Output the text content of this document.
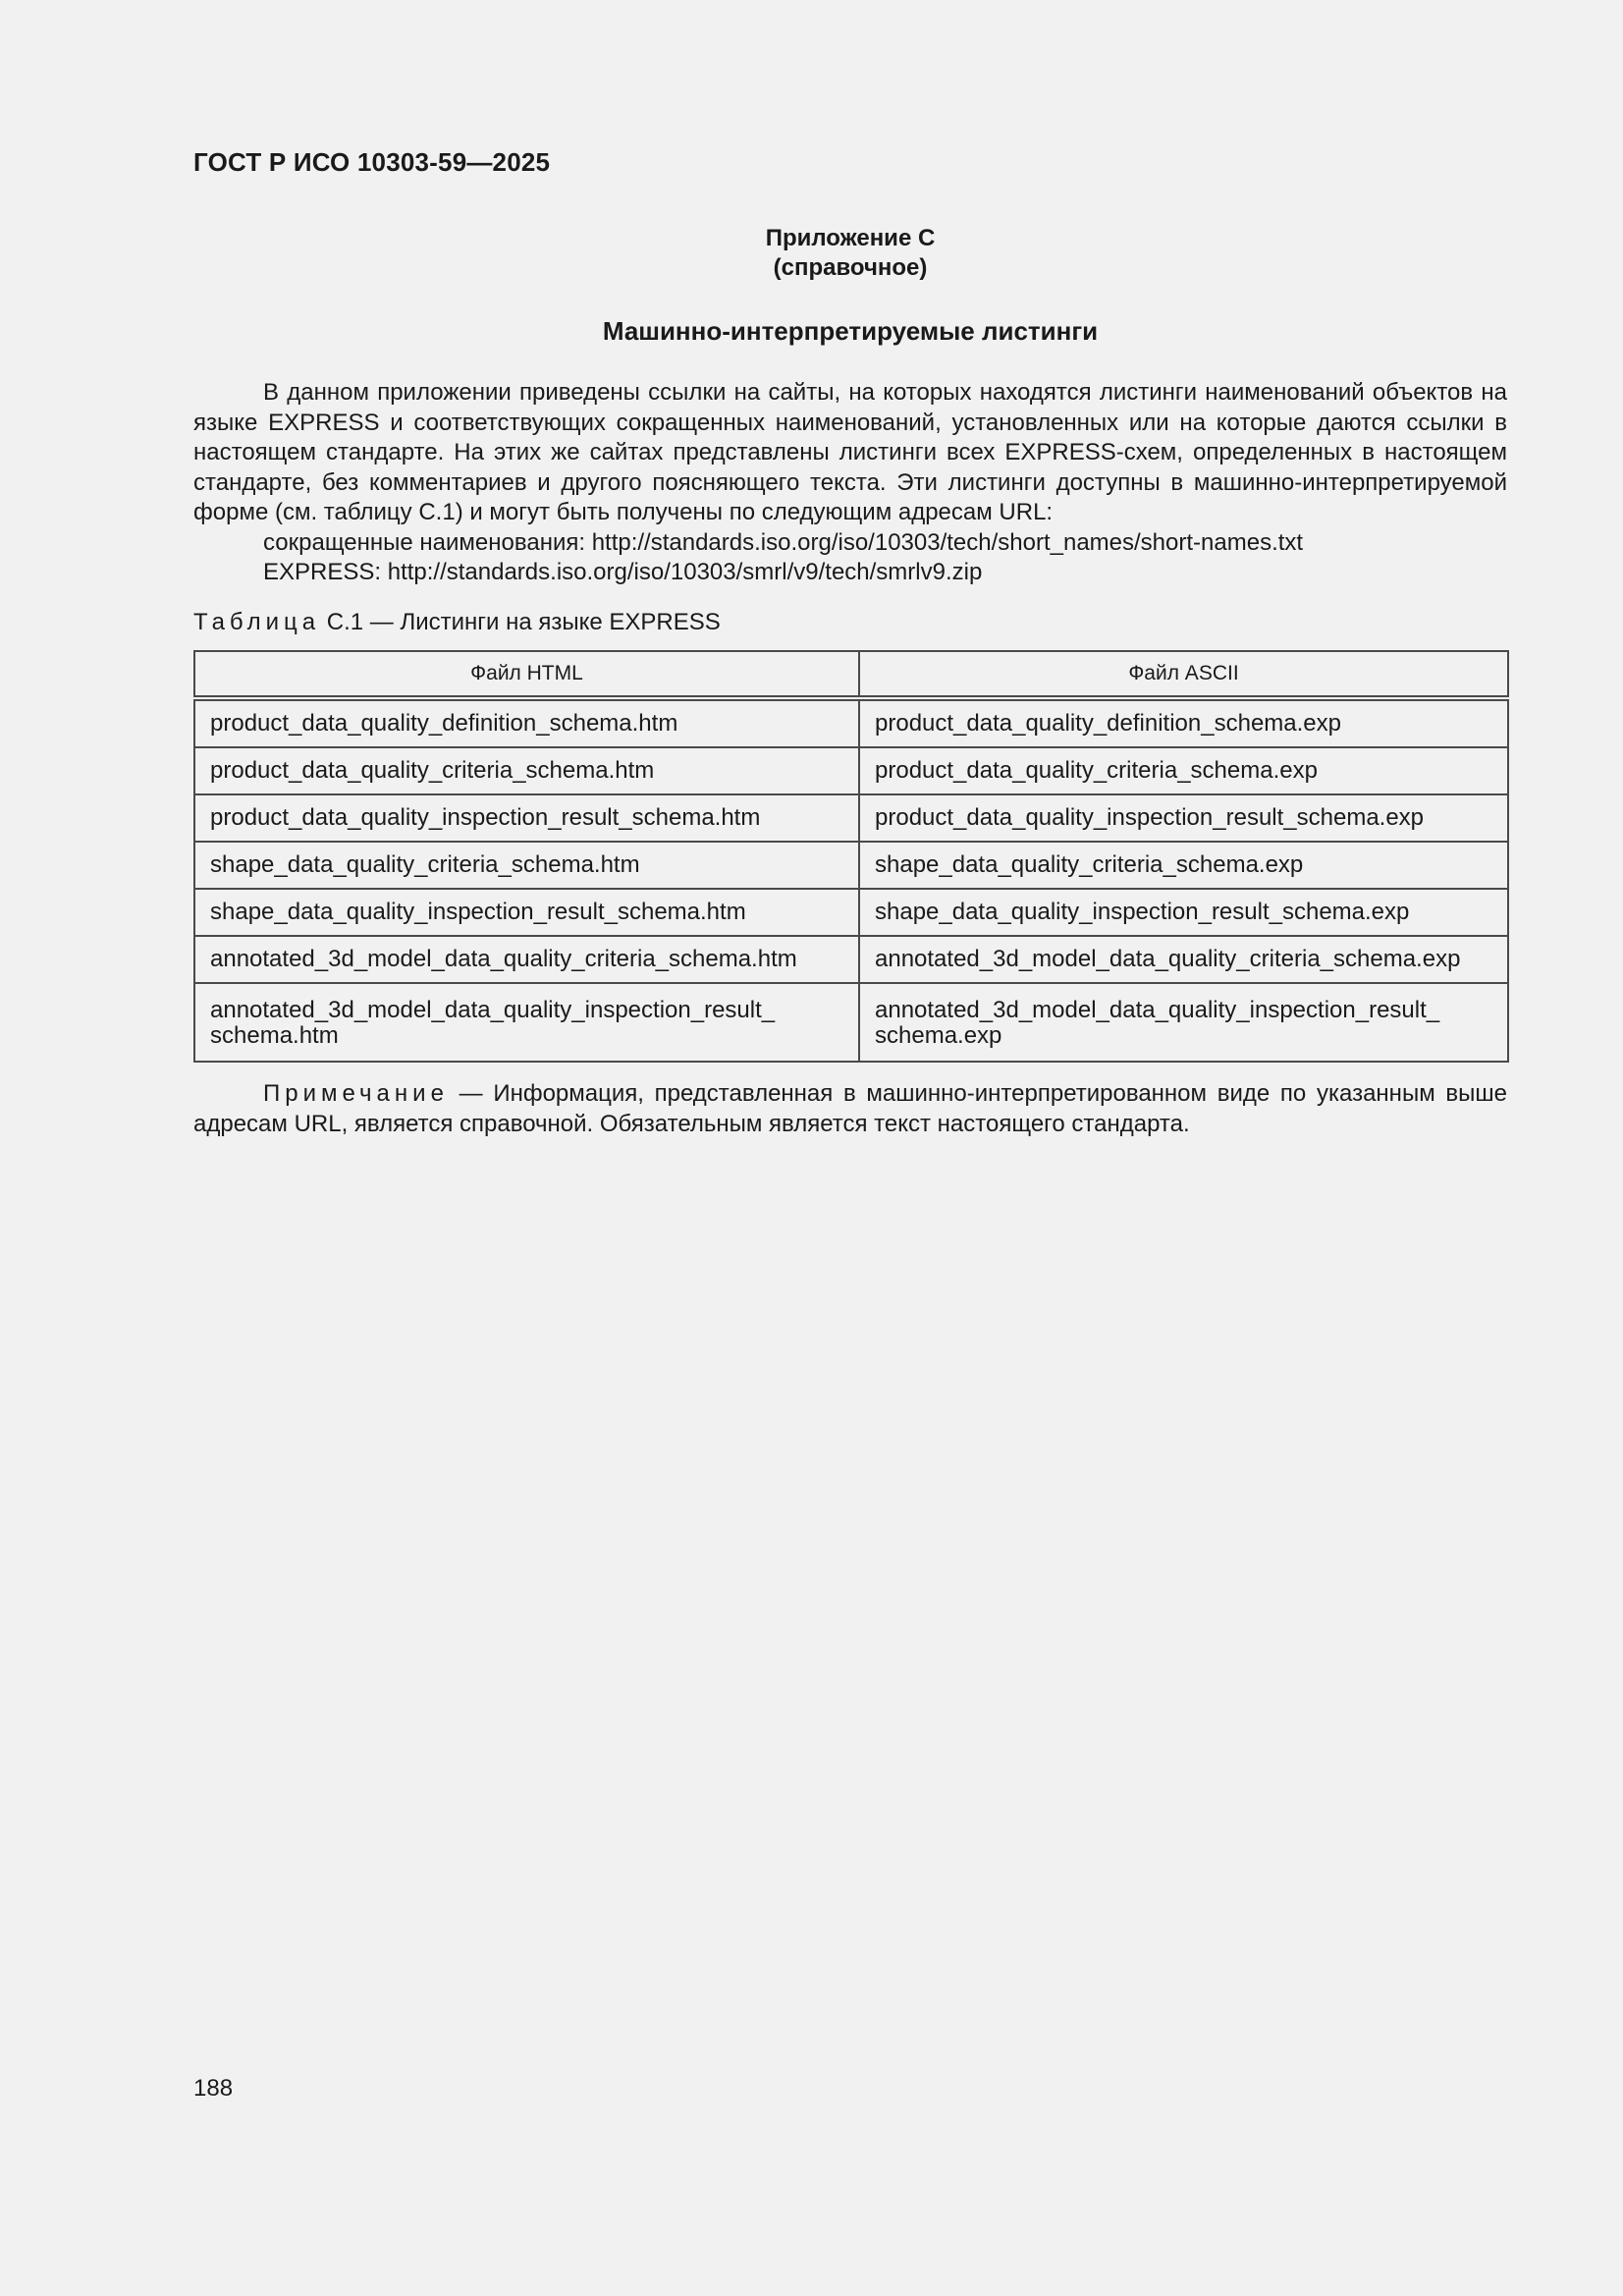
ГОСТ Р ИСО 10303-59—2025
Приложение С
(справочное)
Машинно-интерпретируемые листинги

В данном приложении приведены ссылки на сайты, на которых находятся листинги наименований объектов на языке EXPRESS и соответствующих сокращенных наименований, установленных или на которые даются ссылки в настоящем стандарте. На этих же сайтах представлены листинги всех EXPRESS-схем, определенных в настоящем стандарте, без комментариев и другого поясняющего текста. Эти листинги доступны в машинно-интерпретируемой форме (см. таблицу С.1) и могут быть получены по следующим адресам URL:

сокращенные наименования: http://standards.iso.org/iso/10303/tech/short_names/short-names.txt

EXPRESS: http://standards.iso.org/iso/10303/smrl/v9/tech/smrlv9.zip

Таблица С.1 — Листинги на языке EXPRESS
Файл HTML	Файл ASCII
product_data_quality_definition_schema.htm	product_data_quality_definition_schema.exp
product_data_quality_criteria_schema.htm	product_data_quality_criteria_schema.exp
product_data_quality_inspection_result_schema.htm	product_data_quality_inspection_result_schema.exp
shape_data_quality_criteria_schema.htm	shape_data_quality_criteria_schema.exp
shape_data_quality_inspection_result_schema.htm	shape_data_quality_inspection_result_schema.exp
annotated_3d_model_data_quality_criteria_schema.htm	annotated_3d_model_data_quality_criteria_schema.exp
annotated_3d_model_data_quality_inspection_result_ schema.htm	annotated_3d_model_data_quality_inspection_result_ schema.exp

Примечание — Информация, представленная в машинно-интерпретированном виде по указанным выше адресам URL, является справочной. Обязательным является текст настоящего стандарта.

188
